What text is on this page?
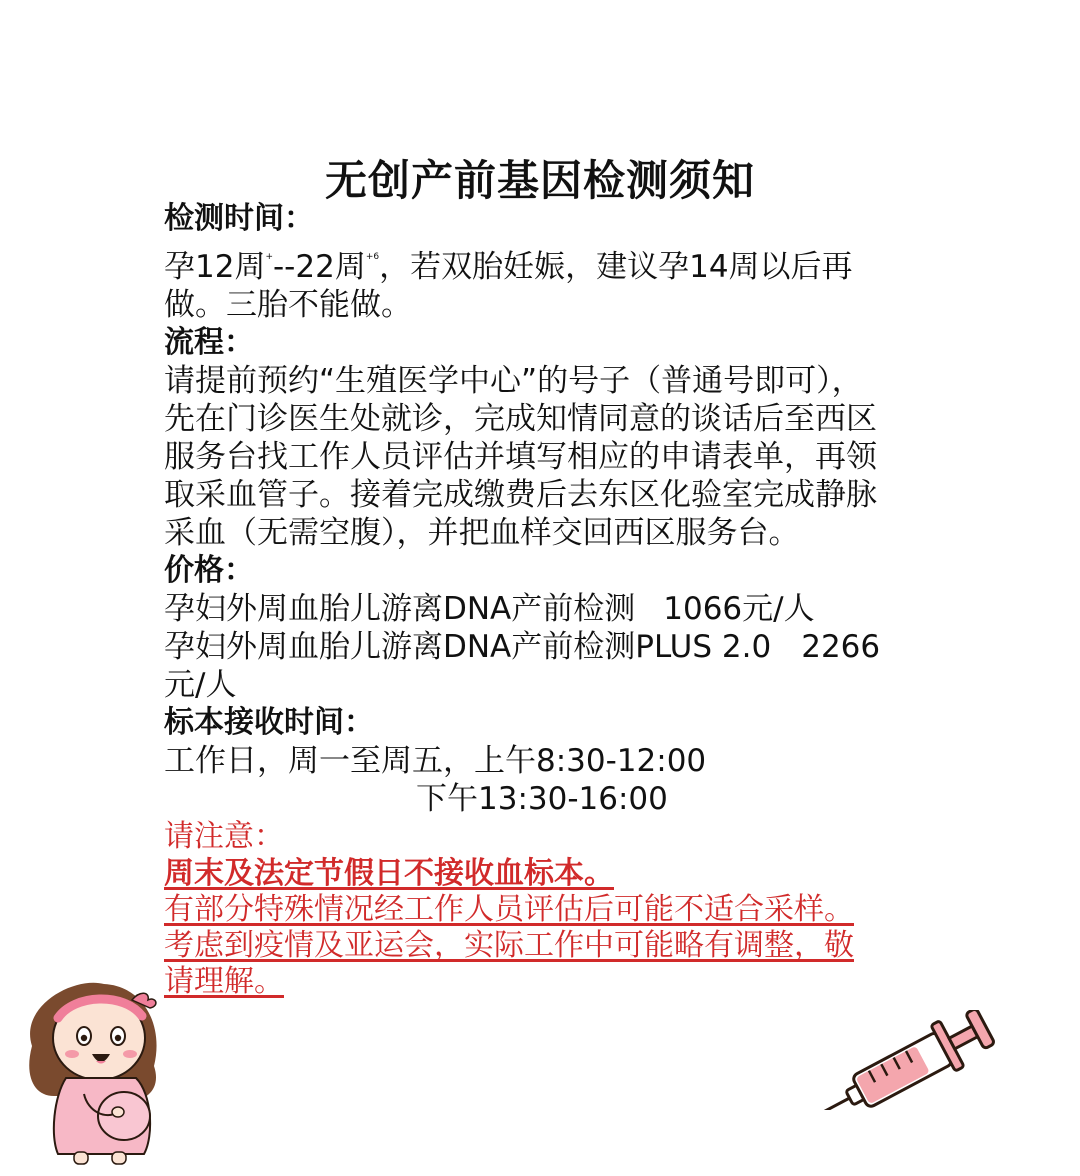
无创产前基因检测须知
检测时间：

孕12周+--22周$^{+6}$，若双胎妊娠，建议孕14周以后再

做。三胎不能做。

流程：

请提前预约“生殖医学中心”的号子（普通号即可），

先在门诊医生处就诊，完成知情同意的谈话后至西区

服务台找工作人员评估并填写相应的申请表单，再领

取采血管子。接着完成缴费后去东区化验室完成静脉

采血（无需空腹），并把血样交回西区服务台。

价格：

孕妇外周血胎儿游离DNA产前检测 1066元/人

孕妇外周血胎儿游离DNA产前检测PLUS 2.0 2266

元/人

标本接收时间：

工作日，周一至周五，上午8:30-12:00

下午13:30-16:00

请注意：
周末及法定节假日不接收血标本。
有部分特殊情况经工作人员评估后可能不适合采样。
考虑到疫情及亚运会，实际工作中可能略有调整，敬
请理解。
